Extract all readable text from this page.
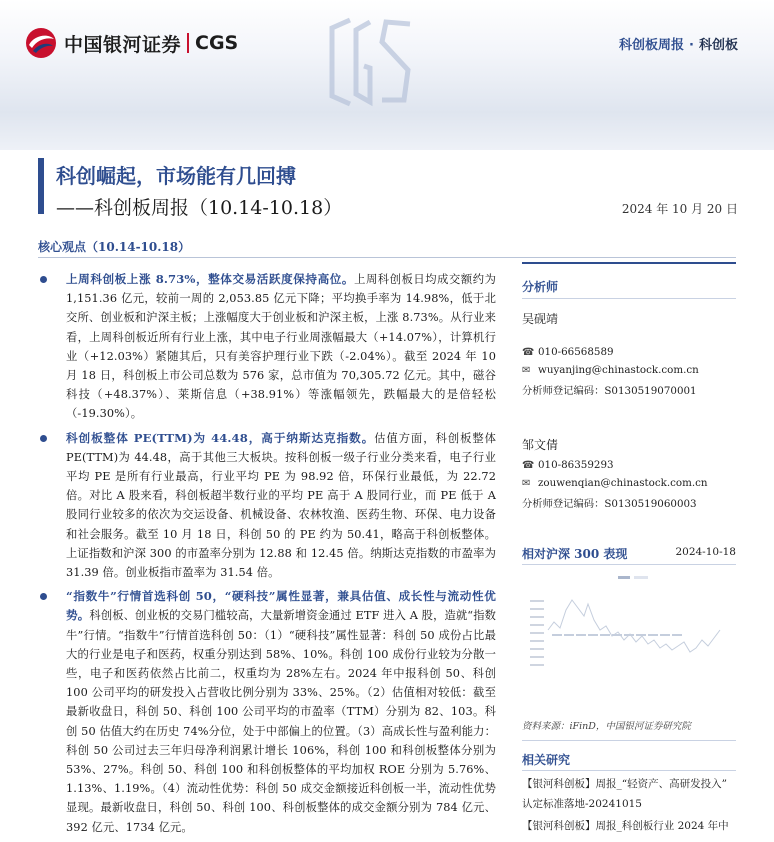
中国银河证券 CGS	科创板周报 · 科创板
科创崛起，市场能有几回搏
——科创板周报（10.14-10.18）	2024 年 10 月 20 日
核心观点（10.14-10.18）

上周科创板上涨 8.73%，整体交易活跃度保持高位。上周科创板日均成交额约为 1,151.36 亿元，较前一周的 2,053.85 亿元下降；平均换手率为 14.98%，低于北交所、创业板和沪深主板；上涨幅度大于创业板和沪深主板，上涨 8.73%。从行业来看，上周科创板近所有行业上涨，其中电子行业周涨幅最大（+14.07%），计算机行业（+12.03%）紧随其后，只有美容护理行业下跌（-2.04%）。截至 2024 年 10 月 18 日，科创板上市公司总数为 576 家，总市值为 70,305.72 亿元。其中，磁谷科技（+48.37%）、莱斯信息（+38.91%）等涨幅领先，跌幅最大的是倍轻松（-19.30%）。

科创板整体 PE(TTM)为 44.48，高于纳斯达克指数。估值方面，科创板整体 PE(TTM)为 44.48，高于其他三大板块。按科创板一级子行业分类来看，电子行业平均 PE 是所有行业最高，行业平均 PE 为 98.92 倍，环保行业最低，为 22.72 倍。对比 A 股来看，科创板超半数行业的平均 PE 高于 A 股同行业，而 PE 低于 A 股同行业较多的依次为交运设备、机械设备、农林牧渔、医药生物、环保、电力设备和社会服务。截至 10 月 18 日，科创 50 的 PE 约为 50.41，略高于科创板整体。上证指数和沪深 300 的市盈率分别为 12.88 和 12.45 倍。纳斯达克指数的市盈率为 31.39 倍。创业板指市盈率为 31.54 倍。

“指数牛”行情首选科创 50，“硬科技”属性显著，兼具估值、成长性与流动性优势。科创板、创业板的交易门槛较高，大量新增资金通过 ETF 进入 A 股，造就“指数牛”行情。“指数牛”行情首选科创 50：（1）“硬科技”属性显著：科创 50 成份占比最大的行业是电子和医药，权重分别达到 58%、10%。科创 100 成份行业较为分散一些，电子和医药依然占比前二，权重均为 28%左右。2024 年中报科创 50、科创 100 公司平均的研发投入占营收比例分别为 33%、25%。（2）估值相对较低：截至最新收盘日，科创 50、科创 100 公司平均的市盈率（TTM）分别为 82、103。科创 50 估值大约在历史 74%分位，处于中部偏上的位置。（3）高成长性与盈利能力：科创 50 公司过去三年归母净利润累计增长 106%，科创 100 和科创板整体分别为 53%、27%。科创 50、科创 100 和科创板整体的平均加权 ROE 分别为 5.76%、1.13%、1.19%。（4）流动性优势：科创 50 成交金额接近科创板一半，流动性优势显现。最新收盘日，科创 50、科创 100、科创板整体的成交金额分别为 784 亿元、392 亿元、1734 亿元。

分析师
吴砚靖
☎ 010-66568589
✉ wuyanjing@chinastock.com.cn
分析师登记编码：S0130519070001
邹文倩
☎ 010-86359293
✉ zouwenqian@chinastock.com.cn
分析师登记编码：S0130519060003
相对沪深 300 表现	2024-10-18
资料来源：iFinD，中国银河证券研究院
相关研究
【银河科创板】周报_“轻资产、高研发投入”
认定标准落地-20241015
【银河科创板】周报_科创板行业 2024 年中
